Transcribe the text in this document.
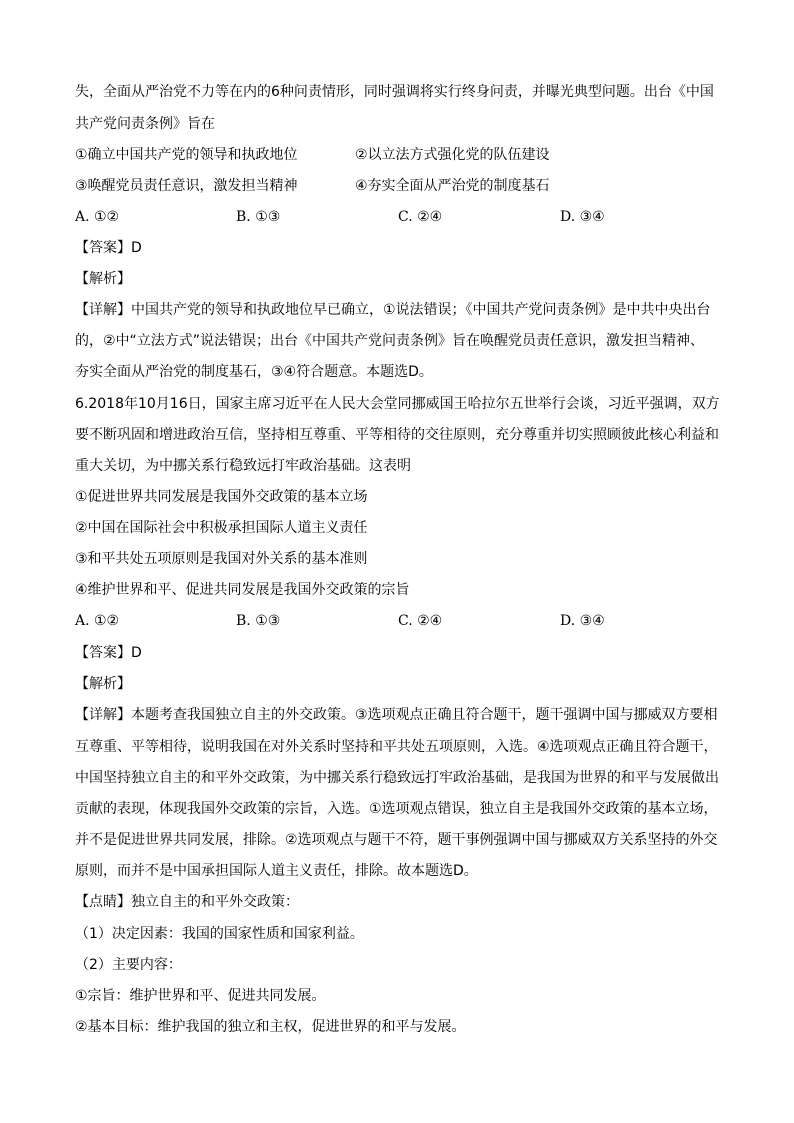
失，全面从严治党不力等在内的6种问责情形，同时强调将实行终身问责，并曝光典型问题。出台《中国
共产党问责条例》旨在
①确立中国共产党的领导和执政地位	②以立法方式强化党的队伍建设
③唤醒党员责任意识，激发担当精神	④夯实全面从严治党的制度基石
A. ①②	B. ①③	C. ②④	D. ③④
【答案】D
【解析】
【详解】中国共产党的领导和执政地位早已确立，①说法错误；《中国共产党问责条例》是中共中央出台
的，②中“立法方式”说法错误；出台《中国共产党问责条例》旨在唤醒党员责任意识，激发担当精神、
夯实全面从严治党的制度基石，③④符合题意。本题选D。
6.2018年10月16日，国家主席习近平在人民大会堂同挪威国王哈拉尔五世举行会谈，习近平强调，双方
要不断巩固和增进政治互信，坚持相互尊重、平等相待的交往原则，充分尊重并切实照顾彼此核心利益和
重大关切，为中挪关系行稳致远打牢政治基础。这表明
①促进世界共同发展是我国外交政策的基本立场
②中国在国际社会中积极承担国际人道主义责任
③和平共处五项原则是我国对外关系的基本准则
④维护世界和平、促进共同发展是我国外交政策的宗旨
A. ①②	B. ①③	C. ②④	D. ③④
【答案】D
【解析】
【详解】本题考查我国独立自主的外交政策。③选项观点正确且符合题干，题干强调中国与挪威双方要相
互尊重、平等相待，说明我国在对外关系时坚持和平共处五项原则，入选。④选项观点正确且符合题干，
中国坚持独立自主的和平外交政策，为中挪关系行稳致远打牢政治基础，是我国为世界的和平与发展做出
贡献的表现，体现我国外交政策的宗旨，入选。①选项观点错误，独立自主是我国外交政策的基本立场，
并不是促进世界共同发展，排除。②选项观点与题干不符，题干事例强调中国与挪威双方关系坚持的外交
原则，而并不是中国承担国际人道主义责任，排除。故本题选D。
【点睛】独立自主的和平外交政策：
（1）决定因素：我国的国家性质和国家利益。
（2）主要内容：
①宗旨：维护世界和平、促进共同发展。
②基本目标：维护我国的独立和主权，促进世界的和平与发展。
